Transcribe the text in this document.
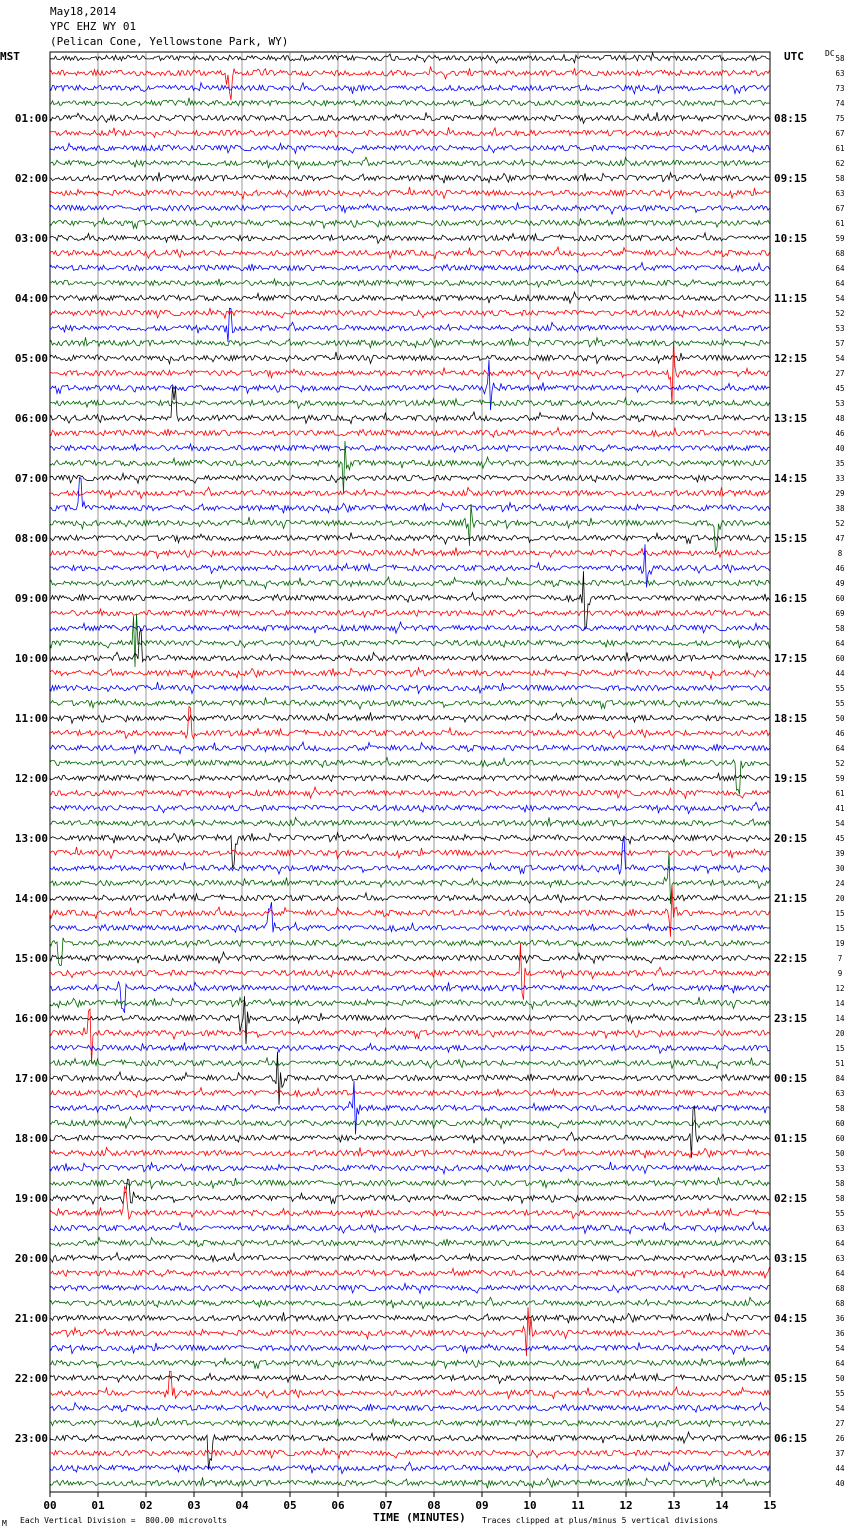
May18,2014
YPC EHZ WY 01
(Pelican Cone, Yellowstone Park, WY)
MST	UTC	DC
00	01	02	03	04	05	06	07	08	09	10	11	12	13	14	15
58
63
73
74
75
67
61
62
58
63
67
61
59
68
64
64
54
52
53
57
54
27
45
53
48
46
40
35
33
29
38
52
47
8
46
49
60
69
58
64
60
44
55
55
50
46
64
52
59
61
41
54
45
39
30
24
20
15
15
19
7
9
12
14
14
20
15
51
84
63
58
60
60
50
53
58
58
55
63
64
63
64
68
68
36
36
54
64
50
55
54
27
26
37
44
40
01:00
02:00
03:00
04:00
05:00
06:00
07:00
08:00
09:00
10:00
11:00
12:00
13:00
14:00
15:00
16:00
17:00
18:00
19:00
20:00
21:00
22:00
23:00
08:15
09:15
10:15
11:15
12:15
13:15
14:15
15:15
16:15
17:15
18:15
19:15
20:15
21:15
22:15
23:15
00:15
01:15
02:15
03:15
04:15
05:15
06:15
TIME (MINUTES)
M Each Vertical Division =  800.00 microvolts	Traces clipped at plus/minus 5 vertical divisions
